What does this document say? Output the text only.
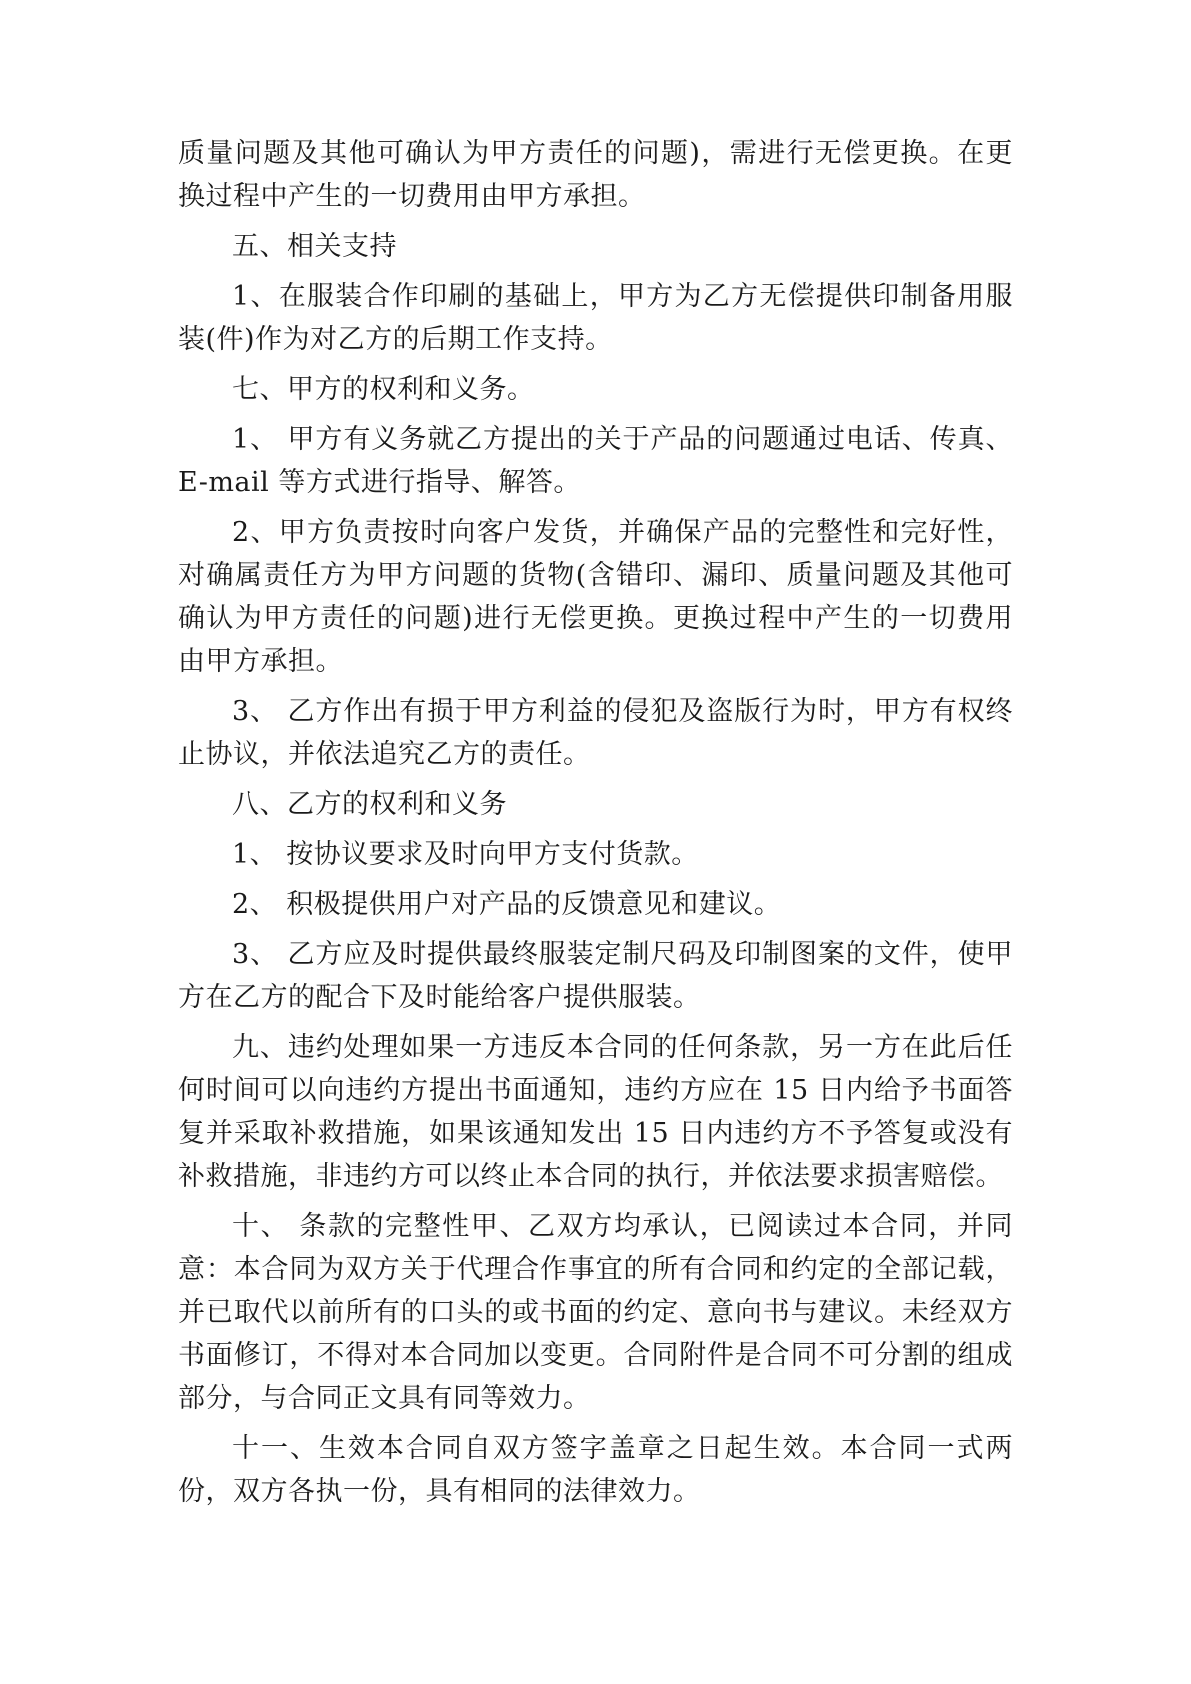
质量问题及其他可确认为甲方责任的问题)，需进行无偿更换。在更换过程中产生的一切费用由甲方承担。

五、相关支持

1、在服装合作印刷的基础上，甲方为乙方无偿提供印制备用服装(件)作为对乙方的后期工作支持。

七、甲方的权利和义务。

1、 甲方有义务就乙方提出的关于产品的问题通过电话、传真、E-mail 等方式进行指导、解答。

2、甲方负责按时向客户发货，并确保产品的完整性和完好性，对确属责任方为甲方问题的货物(含错印、漏印、质量问题及其他可确认为甲方责任的问题)进行无偿更换。更换过程中产生的一切费用由甲方承担。

3、 乙方作出有损于甲方利益的侵犯及盗版行为时，甲方有权终止协议，并依法追究乙方的责任。

八、乙方的权利和义务

1、 按协议要求及时向甲方支付货款。

2、 积极提供用户对产品的反馈意见和建议。

3、 乙方应及时提供最终服装定制尺码及印制图案的文件，使甲方在乙方的配合下及时能给客户提供服装。

九、违约处理如果一方违反本合同的任何条款，另一方在此后任何时间可以向违约方提出书面通知，违约方应在 15 日内给予书面答复并采取补救措施，如果该通知发出 15 日内违约方不予答复或没有补救措施，非违约方可以终止本合同的执行，并依法要求损害赔偿。

十、 条款的完整性甲、乙双方均承认，已阅读过本合同，并同意：本合同为双方关于代理合作事宜的所有合同和约定的全部记载，并已取代以前所有的口头的或书面的约定、意向书与建议。未经双方书面修订，不得对本合同加以变更。合同附件是合同不可分割的组成部分，与合同正文具有同等效力。

十一、生效本合同自双方签字盖章之日起生效。本合同一式两份，双方各执一份，具有相同的法律效力。
